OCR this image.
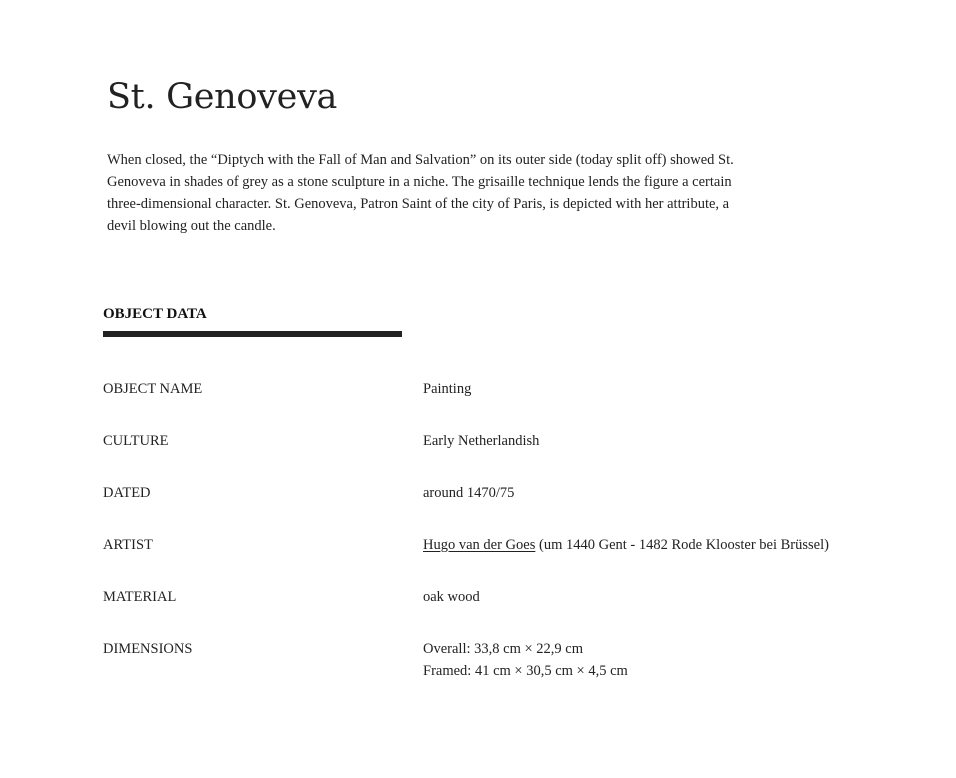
St. Genoveva

When closed, the “Diptych with the Fall of Man and Salvation” on its outer side (today split off) showed St. Genoveva in shades of grey as a stone sculpture in a niche. The grisaille technique lends the figure a certain three-dimensional character. St. Genoveva, Patron Saint of the city of Paris, is depicted with her attribute, a devil blowing out the candle.

OBJECT DATA
OBJECT NAME	Painting
CULTURE	Early Netherlandish
DATED	around 1470/75
ARTIST	Hugo van der Goes (um 1440 Gent - 1482 Rode Klooster bei Brüssel)
MATERIAL	oak wood
DIMENSIONS	Overall: 33,8 cm × 22,9 cm
Framed: 41 cm × 30,5 cm × 4,5 cm
